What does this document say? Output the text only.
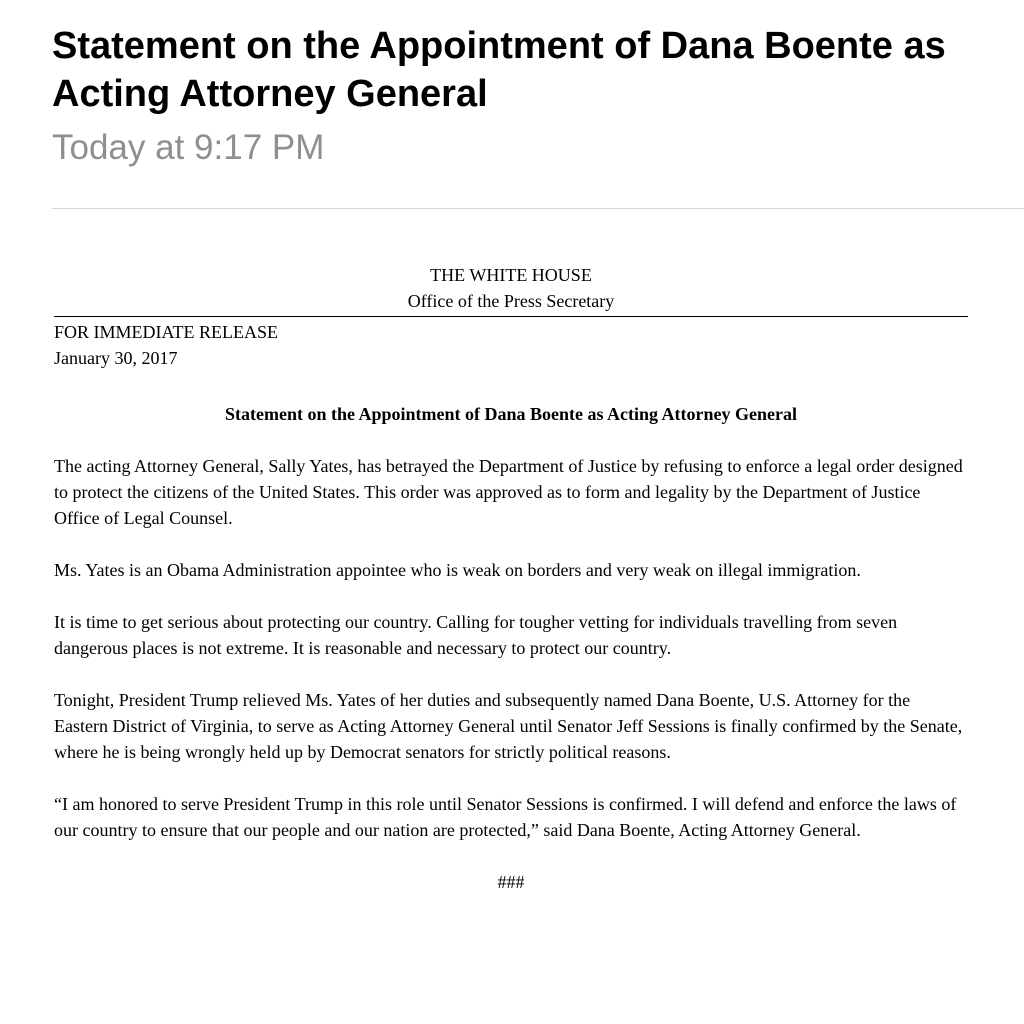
Statement on the Appointment of Dana Boente as Acting Attorney General
Today at 9:17 PM
THE WHITE HOUSE
Office of the Press Secretary
FOR IMMEDIATE RELEASE
January 30, 2017
Statement on the Appointment of Dana Boente as Acting Attorney General

The acting Attorney General, Sally Yates, has betrayed the Department of Justice by refusing to enforce a legal order designed to protect the citizens of the United States. This order was approved as to form and legality by the Department of Justice Office of Legal Counsel.

Ms. Yates is an Obama Administration appointee who is weak on borders and very weak on illegal immigration.

It is time to get serious about protecting our country. Calling for tougher vetting for individuals travelling from seven dangerous places is not extreme. It is reasonable and necessary to protect our country.

Tonight, President Trump relieved Ms. Yates of her duties and subsequently named Dana Boente, U.S. Attorney for the Eastern District of Virginia, to serve as Acting Attorney General until Senator Jeff Sessions is finally confirmed by the Senate, where he is being wrongly held up by Democrat senators for strictly political reasons.

“I am honored to serve President Trump in this role until Senator Sessions is confirmed. I will defend and enforce the laws of our country to ensure that our people and our nation are protected,” said Dana Boente, Acting Attorney General.

###
